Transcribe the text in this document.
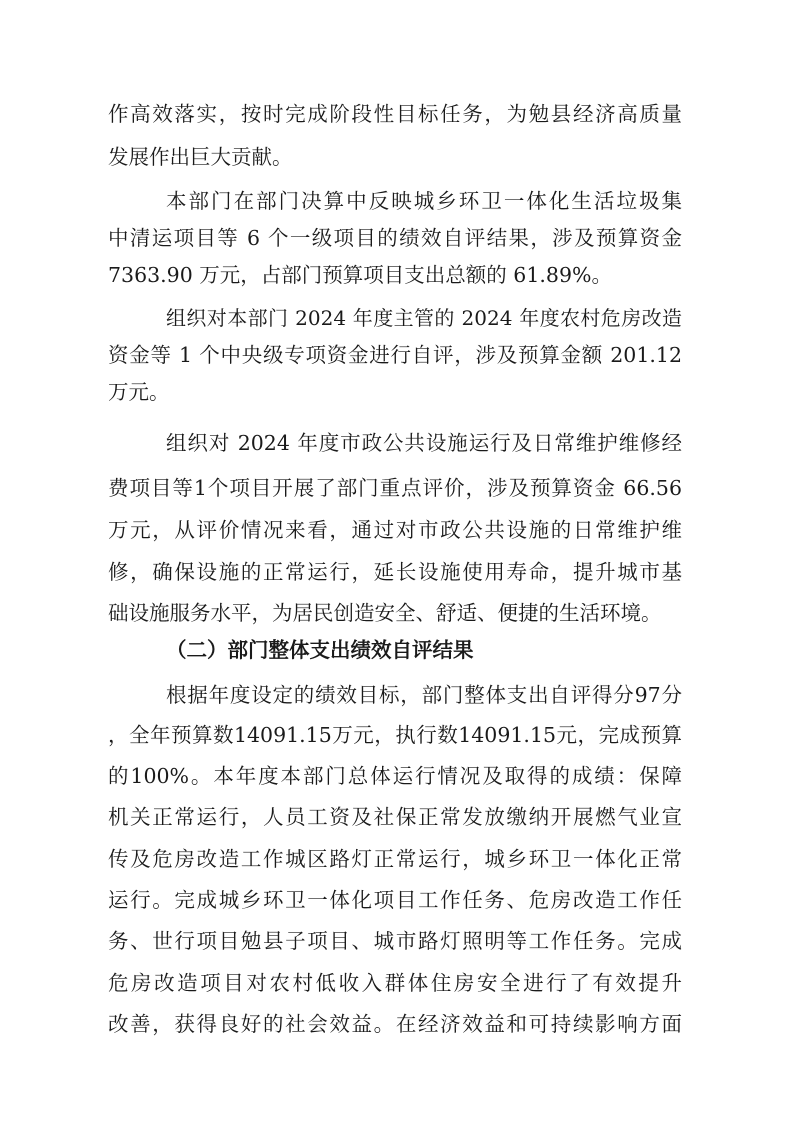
作高效落实，按时完成阶段性目标任务，为勉县经济高质量
发展作出巨大贡献。
本部门在部门决算中反映城乡环卫一体化生活垃圾集
中清运项目等 6 个一级项目的绩效自评结果，涉及预算资金
7363.90 万元，占部门预算项目支出总额的 61.89%。
组织对本部门 2024 年度主管的 2024 年度农村危房改造
资金等 1 个中央级专项资金进行自评，涉及预算金额 201.12
万元。
组织对 2024 年度市政公共设施运行及日常维护维修经
费项目等1个项目开展了部门重点评价，涉及预算资金 66.56
万元，从评价情况来看，通过对市政公共设施的日常维护维
修，确保设施的正常运行，延长设施使用寿命，提升城市基
础设施服务水平，为居民创造安全、舒适、便捷的生活环境。
（二）部门整体支出绩效自评结果
根据年度设定的绩效目标，部门整体支出自评得分97分
，全年预算数14091.15万元，执行数14091.15元，完成预算
的100%。本年度本部门总体运行情况及取得的成绩：保障
机关正常运行，人员工资及社保正常发放缴纳开展燃气业宣
传及危房改造工作城区路灯正常运行，城乡环卫一体化正常
运行。完成城乡环卫一体化项目工作任务、危房改造工作任
务、世行项目勉县子项目、城市路灯照明等工作任务。完成
危房改造项目对农村低收入群体住房安全进行了有效提升
改善，获得良好的社会效益。在经济效益和可持续影响方面
